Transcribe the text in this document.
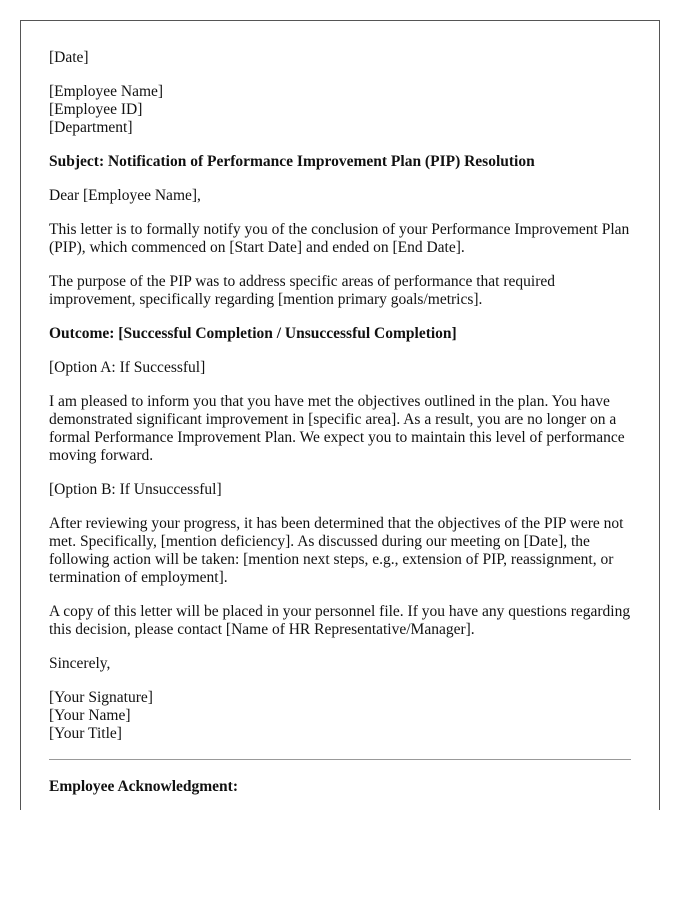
[Date]

[Employee Name]
[Employee ID]
[Department]

Subject: Notification of Performance Improvement Plan (PIP) Resolution

Dear [Employee Name],

This letter is to formally notify you of the conclusion of your Performance Improvement Plan (PIP), which commenced on [Start Date] and ended on [End Date].

The purpose of the PIP was to address specific areas of performance that required improvement, specifically regarding [mention primary goals/metrics].

Outcome: [Successful Completion / Unsuccessful Completion]

[Option A: If Successful]

I am pleased to inform you that you have met the objectives outlined in the plan. You have demonstrated significant improvement in [specific area]. As a result, you are no longer on a formal Performance Improvement Plan. We expect you to maintain this level of performance moving forward.

[Option B: If Unsuccessful]

After reviewing your progress, it has been determined that the objectives of the PIP were not met. Specifically, [mention deficiency]. As discussed during our meeting on [Date], the following action will be taken: [mention next steps, e.g., extension of PIP, reassignment, or termination of employment].

A copy of this letter will be placed in your personnel file. If you have any questions regarding this decision, please contact [Name of HR Representative/Manager].

Sincerely,

[Your Signature]
[Your Name]
[Your Title]

Employee Acknowledgment:
